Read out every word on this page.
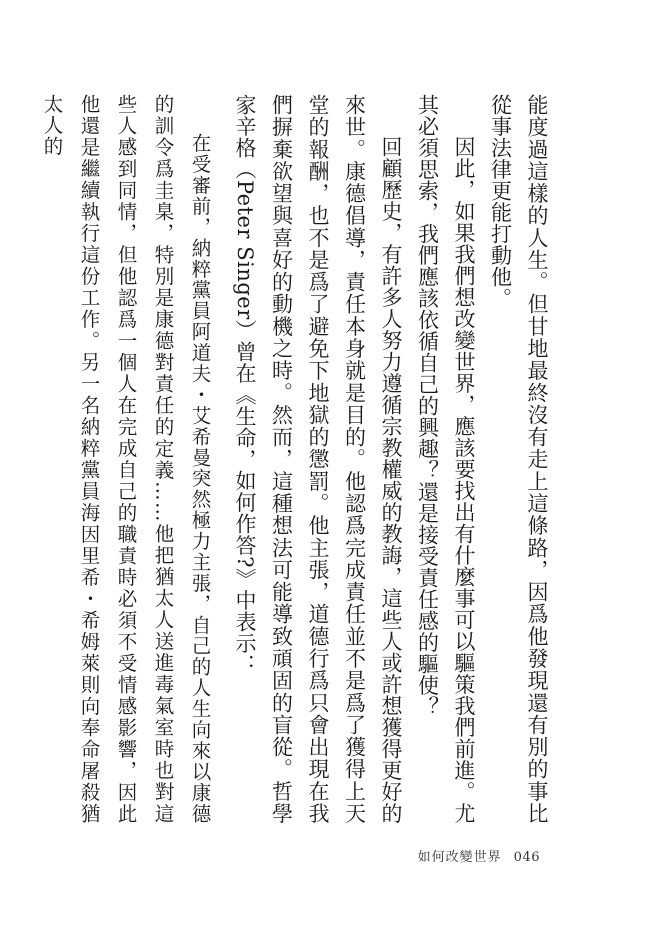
能度過這樣的人生。但甘地最終沒有走上這條路，因爲他發現還有別的事比從事法律更能打動他。

因此，如果我們想改變世界，應該要找出有什麼事可以驅策我們前進。尤其必須思索，我們應該依循自己的興趣？還是接受責任感的驅使？

回顧歷史，有許多人努力遵循宗教權威的教誨，這些人或許想獲得更好的來世。康德倡導，責任本身就是目的。他認爲完成責任並不是爲了獲得上天堂的報酬，也不是爲了避免下地獄的懲罰。他主張，道德行爲只會出現在我們摒棄欲望與喜好的動機之時。然而，這種想法可能導致頑固的盲從。哲學家辛格（Peter Singer）曾在《生命，如何作答?》中表示：

在受審前，納粹黨員阿道夫・艾希曼突然極力主張，自己的人生向來以康德的訓令爲圭臬，特別是康德對責任的定義……他把猶太人送進毒氣室時也對這些人感到同情，但他認爲一個人在完成自己的職責時必須不受情感影響，因此他還是繼續執行這份工作。另一名納粹黨員海因里希・希姆萊則向奉命屠殺猶太人的

如何改變世界 046
